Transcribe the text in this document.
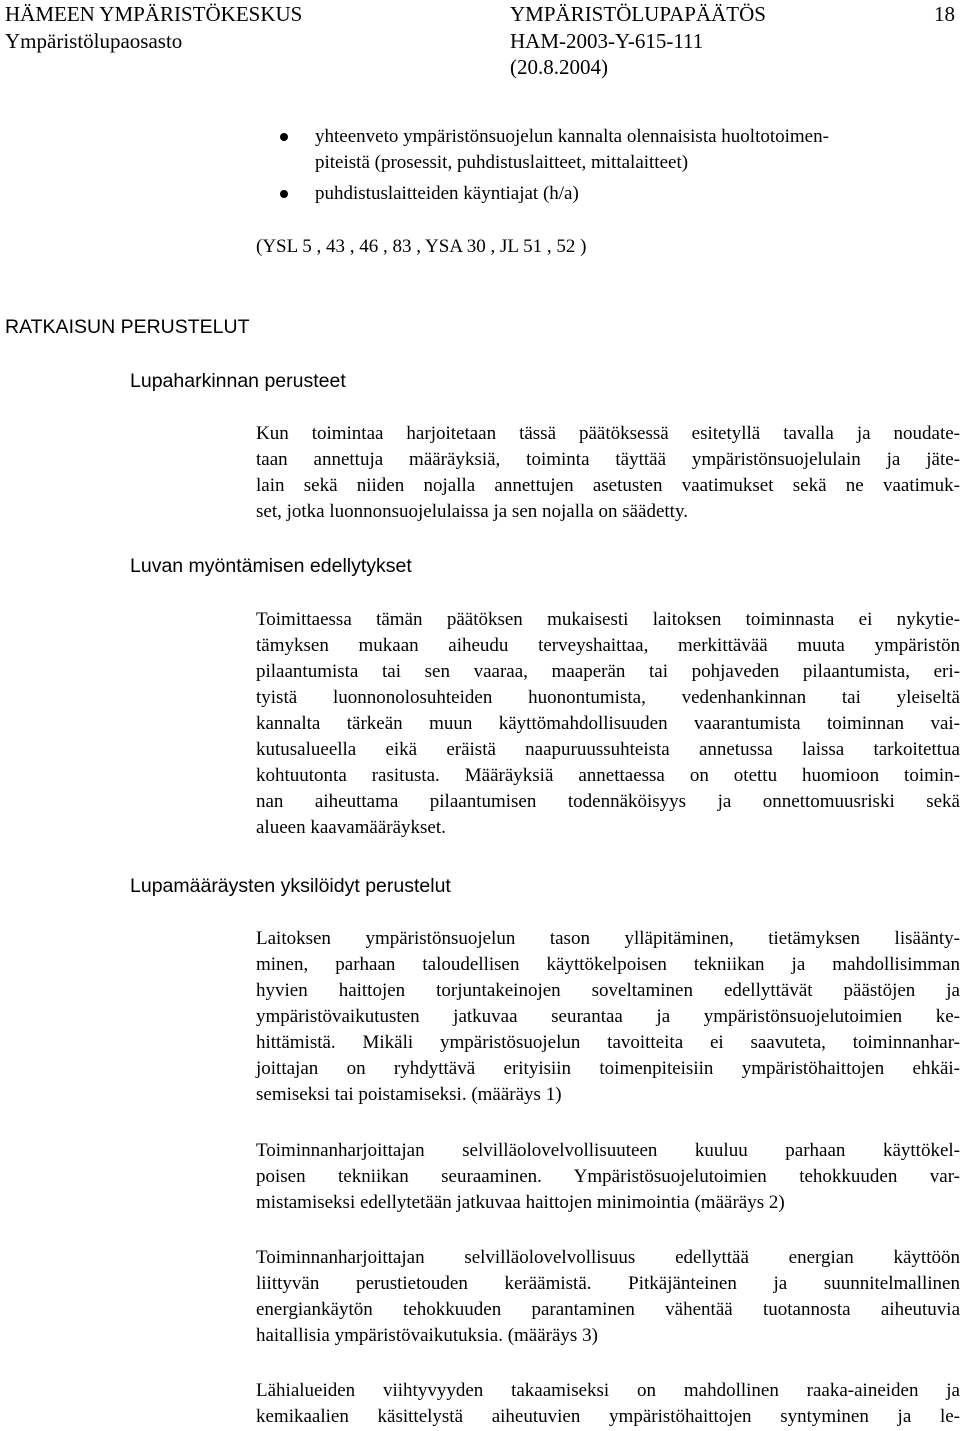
HÄMEEN YMPÄRISTÖKESKUS
Ympäristölupaosasto
YMPÄRISTÖLUPAPÄÄTÖS
HAM-2003-Y-615-111
(20.8.2004)
18
yhteenveto ympäristönsuojelun kannalta olennaisista huoltotoimen-
piteistä (prosessit, puhdistuslaitteet, mittalaitteet)
puhdistuslaitteiden käyntiajat (h/a)
(YSL 5 , 43 , 46 , 83 , YSA 30 , JL 51 , 52 )
RATKAISUN PERUSTELUT
Lupaharkinnan perusteet
Kun toimintaa harjoitetaan tässä päätöksessä esitetyllä tavalla ja noudate-
taan annettuja määräyksiä, toiminta täyttää ympäristönsuojelulain ja jäte-
lain sekä niiden nojalla annettujen asetusten vaatimukset sekä ne vaatimuk-
set, jotka luonnonsuojelulaissa ja sen nojalla on säädetty.
Luvan myöntämisen edellytykset
Toimittaessa tämän päätöksen mukaisesti laitoksen toiminnasta ei nykytie-
tämyksen mukaan aiheudu terveyshaittaa, merkittävää muuta ympäristön
pilaantumista tai sen vaaraa, maaperän tai pohjaveden pilaantumista, eri-
tyistä luonnonolosuhteiden huonontumista, vedenhankinnan tai yleiseltä
kannalta tärkeän muun käyttömahdollisuuden vaarantumista toiminnan vai-
kutusalueella eikä eräistä naapuruussuhteista annetussa laissa tarkoitettua
kohtuutonta rasitusta. Määräyksiä annettaessa on otettu huomioon toimin-
nan aiheuttama pilaantumisen todennäköisyys ja onnettomuusriski sekä
alueen kaavamääräykset.
Lupamääräysten yksilöidyt perustelut
Laitoksen ympäristönsuojelun tason ylläpitäminen, tietämyksen lisäänty-
minen, parhaan taloudellisen käyttökelpoisen tekniikan ja mahdollisimman
hyvien haittojen torjuntakeinojen soveltaminen edellyttävät päästöjen ja
ympäristövaikutusten jatkuvaa seurantaa ja ympäristönsuojelutoimien ke-
hittämistä. Mikäli ympäristösuojelun tavoitteita ei saavuteta, toiminnanhar-
joittajan on ryhdyttävä erityisiin toimenpiteisiin ympäristöhaittojen ehkäi-
semiseksi tai poistamiseksi. (määräys 1)
Toiminnanharjoittajan selvilläolovelvollisuuteen kuuluu parhaan käyttökel-
poisen tekniikan seuraaminen. Ympäristösuojelutoimien tehokkuuden var-
mistamiseksi edellytetään jatkuvaa haittojen minimointia (määräys 2)
Toiminnanharjoittajan selvilläolovelvollisuus edellyttää energian käyttöön
liittyvän perustietouden keräämistä. Pitkäjänteinen ja suunnitelmallinen
energiankäytön tehokkuuden parantaminen vähentää tuotannosta aiheutuvia
haitallisia ympäristövaikutuksia. (määräys 3)
Lähialueiden viihtyvyyden takaamiseksi on mahdollinen raaka-aineiden ja
kemikaalien käsittelystä aiheutuvien ympäristöhaittojen syntyminen ja le-
